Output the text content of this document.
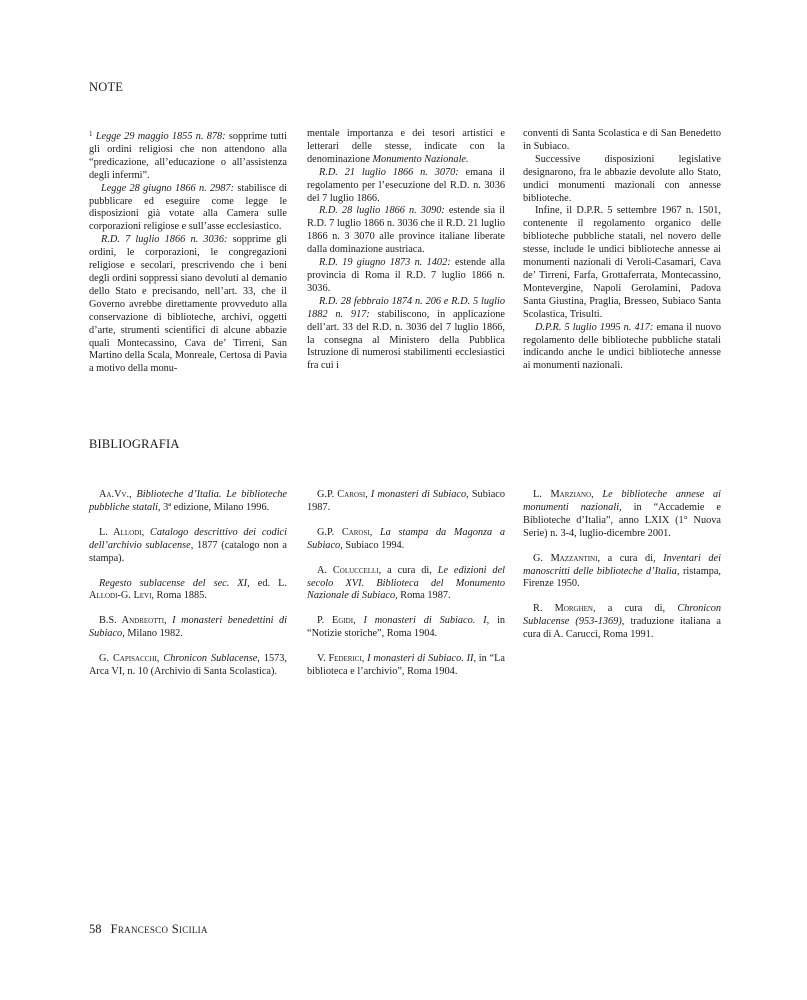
NOTE

$^1$ Legge 29 maggio 1855 n. 878: sopprime tutti gli ordini religiosi che non attendono alla “predicazione, all’educazione o all’assistenza degli infermi”.

Legge 28 giugno 1866 n. 2987: stabilisce di pubblicare ed eseguire come legge le disposizioni già votate alla Camera sulle corporazioni religiose e sull’asse ecclesiastico.

R.D. 7 luglio 1866 n. 3036: sopprime gli ordini, le corporazioni, le congregazioni religiose e secolari, prescrivendo che i beni degli ordini soppressi siano devoluti al demanio dello Stato e precisando, nell’art. 33, che il Governo avrebbe direttamente provveduto alla conservazione di biblioteche, archivi, oggetti d’arte, strumenti scientifici di alcune abbazie quali Montecassino, Cava de’ Tirreni, San Martino della Scala, Monreale, Certosa di Pavia a motivo della monu-

mentale importanza e dei tesori artistici e letterari delle stesse, indicate con la denominazione Monumento Nazionale.

R.D. 21 luglio 1866 n. 3070: emana il regolamento per l’esecuzione del R.D. n. 3036 del 7 luglio 1866.

R.D. 28 luglio 1866 n. 3090: estende sia il R.D. 7 luglio 1866 n. 3036 che il R.D. 21 luglio 1866 n. 3 3070 alle province italiane liberate dalla dominazione austriaca.

R.D. 19 giugno 1873 n. 1402: estende alla provincia di Roma il R.D. 7 luglio 1866 n. 3036.

R.D. 28 febbraio 1874 n. 206 e R.D. 5 luglio 1882 n. 917: stabiliscono, in applicazione dell’art. 33 del R.D. n. 3036 del 7 luglio 1866, la consegna al Ministero della Pubblica Istruzione di numerosi stabilimenti ecclesiastici fra cui i

conventi di Santa Scolastica e di San Benedetto in Subiaco.

Successive disposizioni legislative designarono, fra le abbazie devolute allo Stato, undici monumenti mazionali con annesse biblioteche.

Infine, il D.P.R. 5 settembre 1967 n. 1501, contenente il regolamento organico delle biblioteche pubbliche statali, nel novero delle stesse, include le undici biblioteche annesse ai monumenti nazionali di Veroli-Casamari, Cava de’ Tirreni, Farfa, Grottaferrata, Montecassino, Montevergine, Napoli Gerolamini, Padova Santa Giustina, Praglia, Bresseo, Subiaco Santa Scolastica, Trisulti.

D.P.R. 5 luglio 1995 n. 417: emana il nuovo regolamento delle biblioteche pubbliche statali indicando anche le undici biblioteche annesse ai monumenti nazionali.

BIBLIOGRAFIA

Aa.Vv., Biblioteche d’Italia. Le biblioteche pubbliche statali, 3ª edizione, Milano 1996.

L. Allodi, Catalogo descrittivo dei codici dell’archivio sublacense, 1877 (catalogo non a stampa).

Regesto sublacense del sec. XI, ed. L. Allodi-G. Levi, Roma 1885.

B.S. Andreotti, I monasteri benedettini di Subiaco, Milano 1982.

G. Capisacchi, Chronicon Sublacense, 1573, Arca VI, n. 10 (Archivio di Santa Scolastica).

G.P. Carosi, I monasteri di Subiaco, Subiaco 1987.

G.P. Carosi, La stampa da Magonza a Subiaco, Subiaco 1994.

A. Coluccelli, a cura di, Le edizioni del secolo XVI. Biblioteca del Monumento Nazionale di Subiaco, Roma 1987.

P. Egidi, I monasteri di Subiaco. I, in “Notizie storiche”, Roma 1904.

V. Federici, I monasteri di Subiaco. II, in “La biblioteca e l’archivio”, Roma 1904.

L. Marziano, Le biblioteche annese ai monumenti nazionali, in “Accademie e Biblioteche d’Italia”, anno LXIX (1° Nuova Serie) n. 3-4, luglio-dicembre 2001.

G. Mazzantini, a cura di, Inventari dei manoscritti delle biblioteche d’Italia, ristampa, Firenze 1950.

R. Morghen, a cura di, Chronicon Sublacense (953-1369), traduzione italiana a cura di A. Carucci, Roma 1991.

58 Francesco Sicilia
